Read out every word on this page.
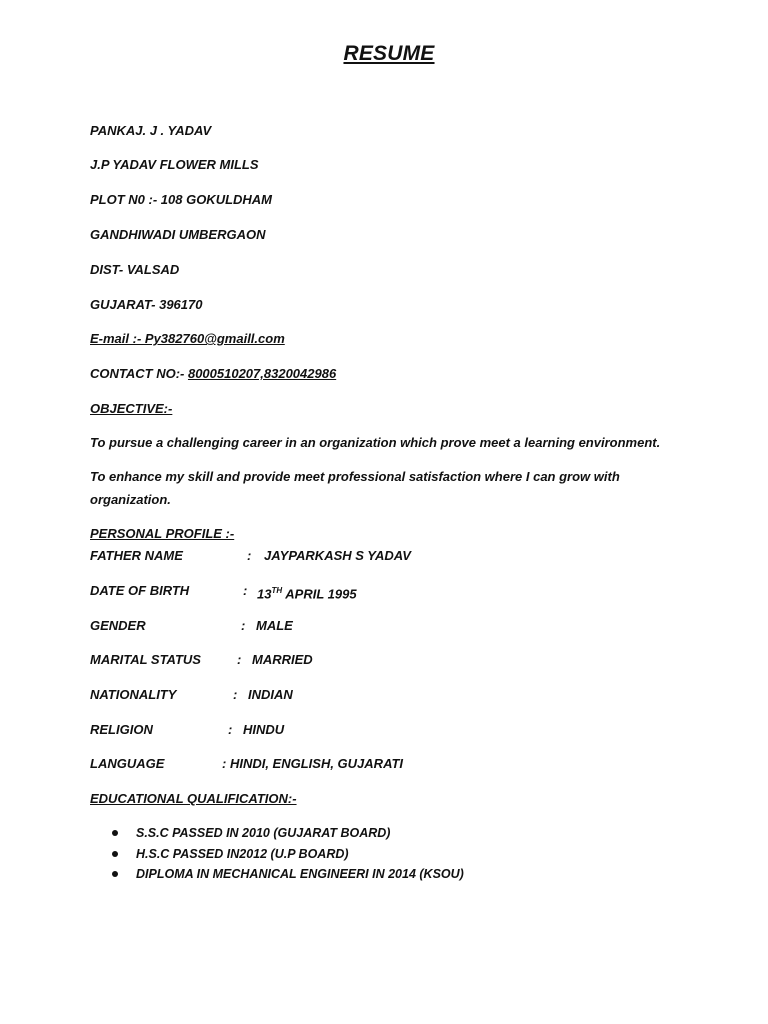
RESUME
PANKAJ. J . YADAV
J.P YADAV FLOWER MILLS
PLOT N0 :- 108 GOKULDHAM
GANDHIWADI UMBERGAON
DIST- VALSAD
GUJARAT- 396170
E-mail :- Py382760@gmaill.com
CONTACT NO:- 8000510207,8320042986
OBJECTIVE:-
To pursue a challenging career in an organization which prove meet a learning environment.
To enhance my skill and provide meet professional satisfaction where I can grow with organization.
PERSONAL PROFILE :-
FATHER NAME	: JAYPARKASH S YADAV
DATE OF BIRTH	: 13TH APRIL 1995
GENDER	: MALE
MARITAL STATUS	: MARRIED
NATIONALITY	: INDIAN
RELIGION	: HINDU
LANGUAGE	: HINDI, ENGLISH, GUJARATI
EDUCATIONAL QUALIFICATION:-
S.S.C PASSED IN 2010 (GUJARAT BOARD)
H.S.C PASSED IN2012 (U.P BOARD)
DIPLOMA IN MECHANICAL ENGINEERI IN 2014 (KSOU)
